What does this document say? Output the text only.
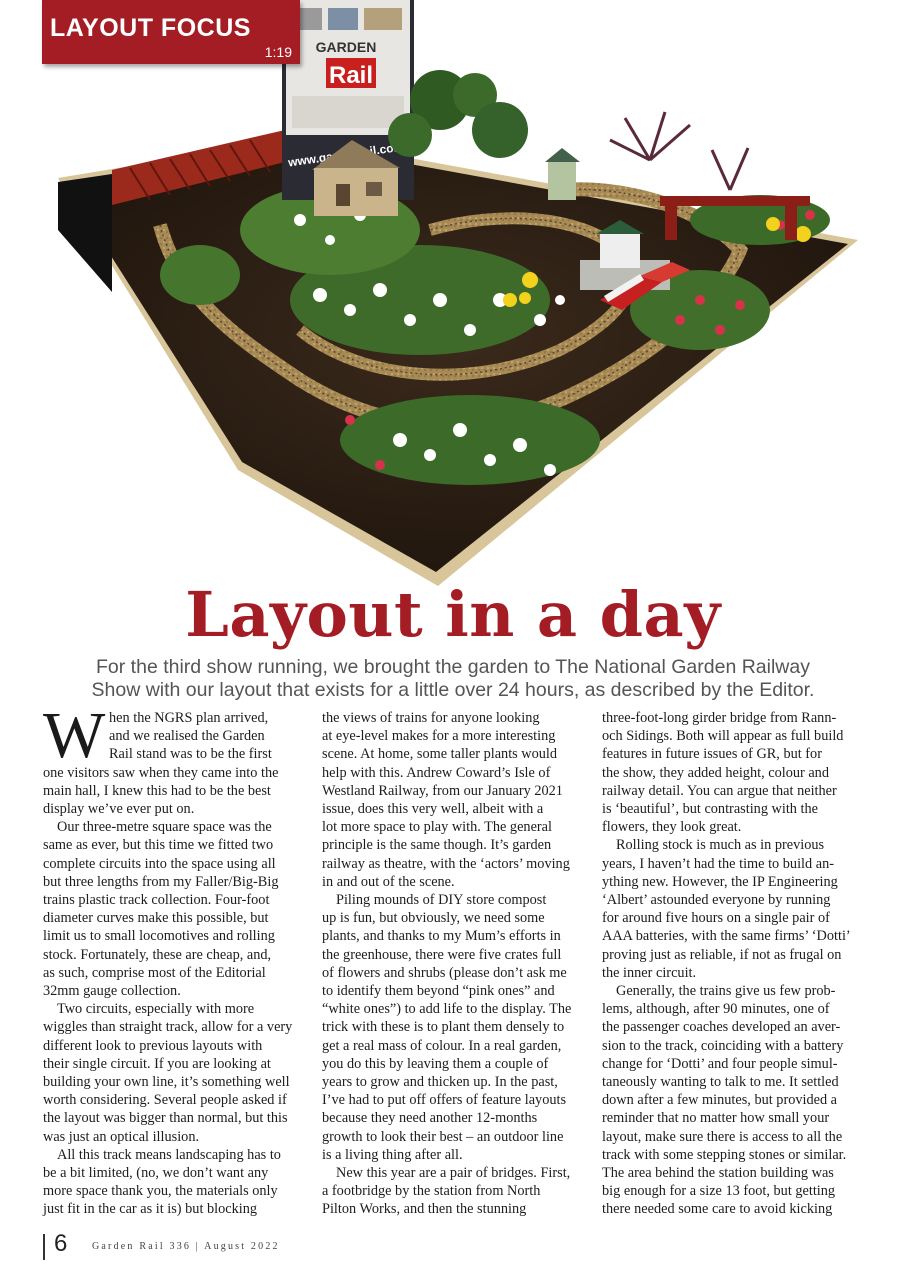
GARDEN
Rail
LAYOUT FOCUS
1:19
Layout in a day
For the third show running, we brought the garden to The National Garden Railway
Show with our layout that exists for a little over 24 hours, as described by the Editor.
W hen the NGRS plan arrived,
and we realised the Garden
Rail stand was to be the first
one visitors saw when they came into the
main hall, I knew this had to be the best
display we’ve ever put on.
Our three-metre square space was the
same as ever, but this time we fitted two
complete circuits into the space using all
but three lengths from my Faller/Big-Big
trains plastic track collection. Four-foot
diameter curves make this possible, but
limit us to small locomotives and rolling
stock. Fortunately, these are cheap, and,
as such, comprise most of the Editorial
32mm gauge collection.
Two circuits, especially with more
wiggles than straight track, allow for a very
different look to previous layouts with
their single circuit. If you are looking at
building your own line, it’s something well
worth considering. Several people asked if
the layout was bigger than normal, but this
was just an optical illusion.
All this track means landscaping has to
be a bit limited, (no, we don’t want any
more space thank you, the materials only
just fit in the car as it is) but blocking
the views of trains for anyone looking
at eye-level makes for a more interesting
scene. At home, some taller plants would
help with this. Andrew Coward’s Isle of
Westland Railway, from our January 2021
issue, does this very well, albeit with a
lot more space to play with. The general
principle is the same though. It’s garden
railway as theatre, with the ‘actors’ moving
in and out of the scene.
Piling mounds of DIY store compost
up is fun, but obviously, we need some
plants, and thanks to my Mum’s efforts in
the greenhouse, there were five crates full
of flowers and shrubs (please don’t ask me
to identify them beyond “pink ones” and
“white ones”) to add life to the display. The
trick with these is to plant them densely to
get a real mass of colour. In a real garden,
you do this by leaving them a couple of
years to grow and thicken up. In the past,
I’ve had to put off offers of feature layouts
because they need another 12-months
growth to look their best – an outdoor line
is a living thing after all.
New this year are a pair of bridges. First,
a footbridge by the station from North
Pilton Works, and then the stunning
three-foot-long girder bridge from Rann-
och Sidings. Both will appear as full build
features in future issues of GR, but for
the show, they added height, colour and
railway detail. You can argue that neither
is ‘beautiful’, but contrasting with the
flowers, they look great.
Rolling stock is much as in previous
years, I haven’t had the time to build an-
ything new. However, the IP Engineering
‘Albert’ astounded everyone by running
for around five hours on a single pair of
AAA batteries, with the same firms’ ‘Dotti’
proving just as reliable, if not as frugal on
the inner circuit.
Generally, the trains give us few prob-
lems, although, after 90 minutes, one of
the passenger coaches developed an aver-
sion to the track, coinciding with a battery
change for ‘Dotti’ and four people simul-
taneously wanting to talk to me. It settled
down after a few minutes, but provided a
reminder that no matter how small your
layout, make sure there is access to all the
track with some stepping stones or similar.
The area behind the station building was
big enough for a size 13 foot, but getting
there needed some care to avoid kicking
6 Garden Rail 336 | August 2022
